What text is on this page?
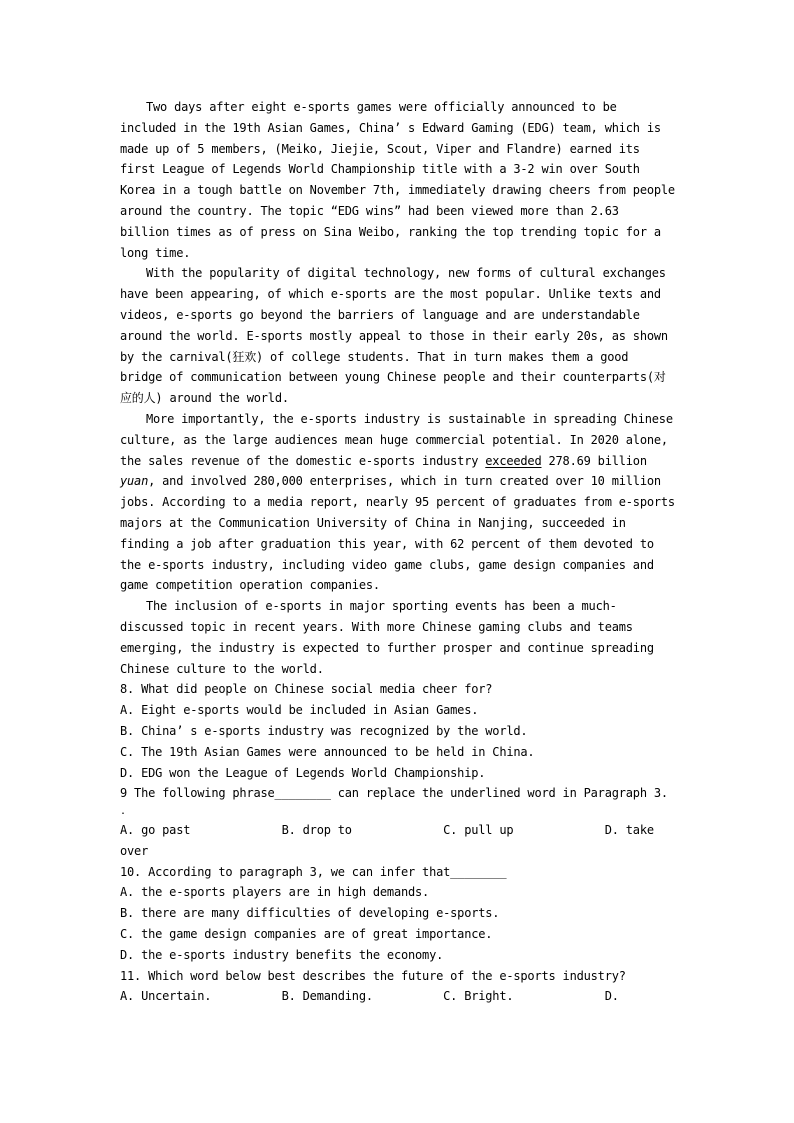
Two days after eight e-sports games were officially announced to be
included in the 19th Asian Games, China’ s Edward Gaming (EDG) team, which is
made up of 5 members, (Meiko, Jiejie, Scout, Viper and Flandre) earned its
first League of Legends World Championship title with a 3-2 win over South
Korea in a tough battle on November 7th, immediately drawing cheers from people
around the country. The topic “EDG wins” had been viewed more than 2.63
billion times as of press on Sina Weibo, ranking the top trending topic for a
long time.
With the popularity of digital technology, new forms of cultural exchanges
have been appearing, of which e-sports are the most popular. Unlike texts and
videos, e-sports go beyond the barriers of language and are understandable
around the world. E-sports mostly appeal to those in their early 20s, as shown
by the carnival(狂欢) of college students. That in turn makes them a good
bridge of communication between young Chinese people and their counterparts(对
应的人) around the world.
More importantly, the e-sports industry is sustainable in spreading Chinese
culture, as the large audiences mean huge commercial potential. In 2020 alone,
the sales revenue of the domestic e-sports industry exceeded 278.69 billion
yuan, and involved 280,000 enterprises, which in turn created over 10 million
jobs. According to a media report, nearly 95 percent of graduates from e-sports
majors at the Communication University of China in Nanjing, succeeded in
finding a job after graduation this year, with 62 percent of them devoted to
the e-sports industry, including video game clubs, game design companies and
game competition operation companies.
The inclusion of e-sports in major sporting events has been a much-
discussed topic in recent years. With more Chinese gaming clubs and teams
emerging, the industry is expected to further prosper and continue spreading
Chinese culture to the world.
8. What did people on Chinese social media cheer for?
A. Eight e-sports would be included in Asian Games.
B. China’ s e-sports industry was recognized by the world.
C. The 19th Asian Games were announced to be held in China.
D. EDG won the League of Legends World Championship.
9 The following phrase________ can replace the underlined word in Paragraph 3.
.
A. go past             B. drop to             C. pull up             D. take
over
10. According to paragraph 3, we can infer that________
A. the e-sports players are in high demands.
B. there are many difficulties of developing e-sports.
C. the game design companies are of great importance.
D. the e-sports industry benefits the economy.
11. Which word below best describes the future of the e-sports industry?
A. Uncertain.          B. Demanding.          C. Bright.             D.
